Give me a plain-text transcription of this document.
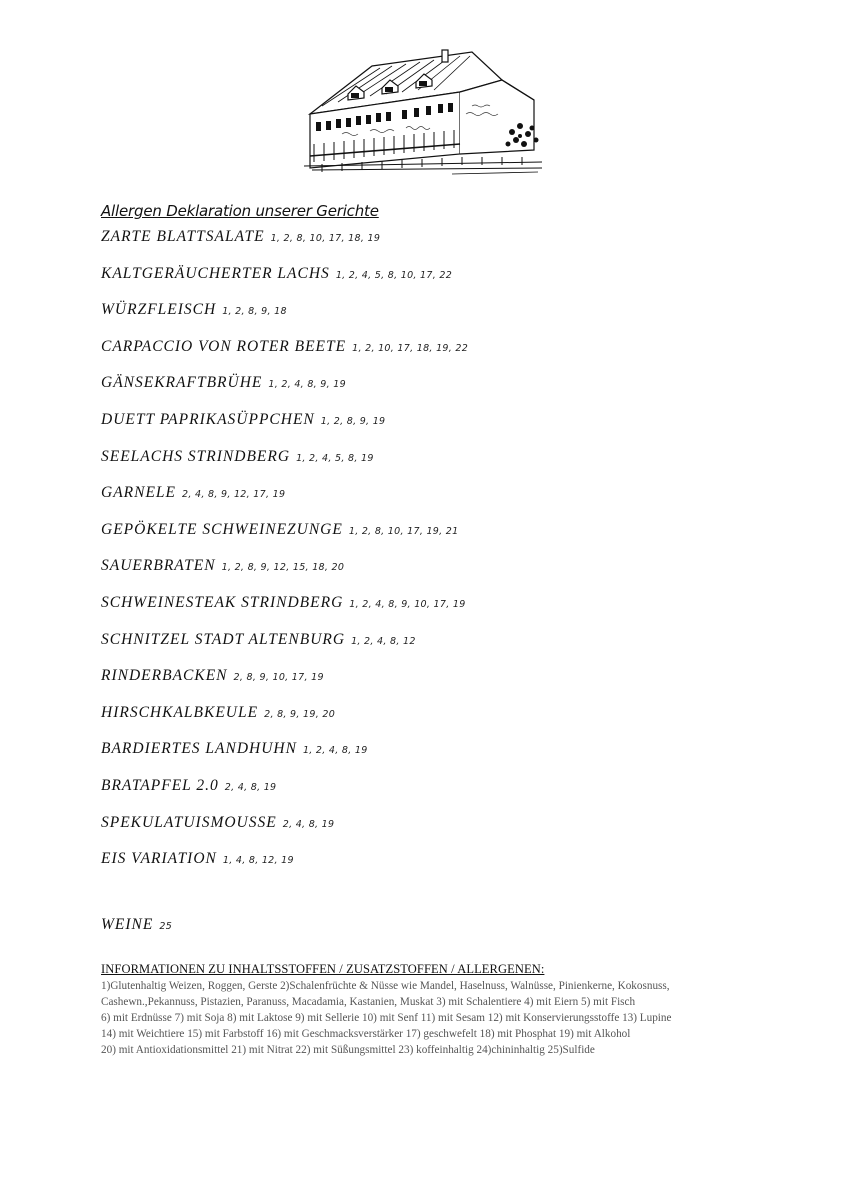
Allergen Deklaration unserer Gerichte
ZARTE BLATTSALATE 1, 2, 8, 10, 17, 18, 19
KALTGERÄUCHERTER LACHS 1, 2, 4, 5, 8, 10, 17, 22
WÜRZFLEISCH 1, 2, 8, 9, 18
CARPACCIO VON ROTER BEETE 1, 2, 10, 17, 18, 19, 22
GÄNSEKRAFTBRÜHE 1, 2, 4, 8, 9, 19
DUETT PAPRIKASÜPPCHEN 1, 2, 8, 9, 19
SEELACHS STRINDBERG 1, 2, 4, 5, 8, 19
GARNELE 2, 4, 8, 9, 12, 17, 19
GEPÖKELTE SCHWEINEZUNGE 1, 2, 8, 10, 17, 19, 21
SAUERBRATEN 1, 2, 8, 9, 12, 15, 18, 20
SCHWEINESTEAK STRINDBERG 1, 2, 4, 8, 9, 10, 17, 19
SCHNITZEL STADT ALTENBURG 1, 2, 4, 8, 12
RINDERBACKEN 2, 8, 9, 10, 17, 19
HIRSCHKALBKEULE 2, 8, 9, 19, 20
BARDIERTES LANDHUHN 1, 2, 4, 8, 19
BRATAPFEL 2.0 2, 4, 8, 19
SPEKULATUISMOUSSE 2, 4, 8, 19
EIS VARIATION 1, 4, 8, 12, 19
WEINE 25
INFORMATIONEN ZU INHALTSSTOFFEN / ZUSATZSTOFFEN / ALLERGENEN:
1)Glutenhaltig Weizen, Roggen, Gerste 2)Schalenfrüchte & Nüsse wie Mandel, Haselnuss, Walnüsse, Pinienkerne, Kokosnuss,
Cashewn.,Pekannuss, Pistazien, Paranuss, Macadamia, Kastanien, Muskat 3) mit Schalentiere 4) mit Eiern 5) mit Fisch
6) mit Erdnüsse 7) mit Soja 8) mit Laktose 9) mit Sellerie 10) mit Senf 11) mit Sesam 12) mit Konservierungsstoffe 13) Lupine
14) mit Weichtiere 15) mit Farbstoff 16) mit Geschmacksverstärker 17) geschwefelt 18) mit Phosphat 19) mit Alkohol
20) mit Antioxidationsmittel 21) mit Nitrat 22) mit Süßungsmittel 23) koffeinhaltig 24)chininhaltig 25)Sulfide
